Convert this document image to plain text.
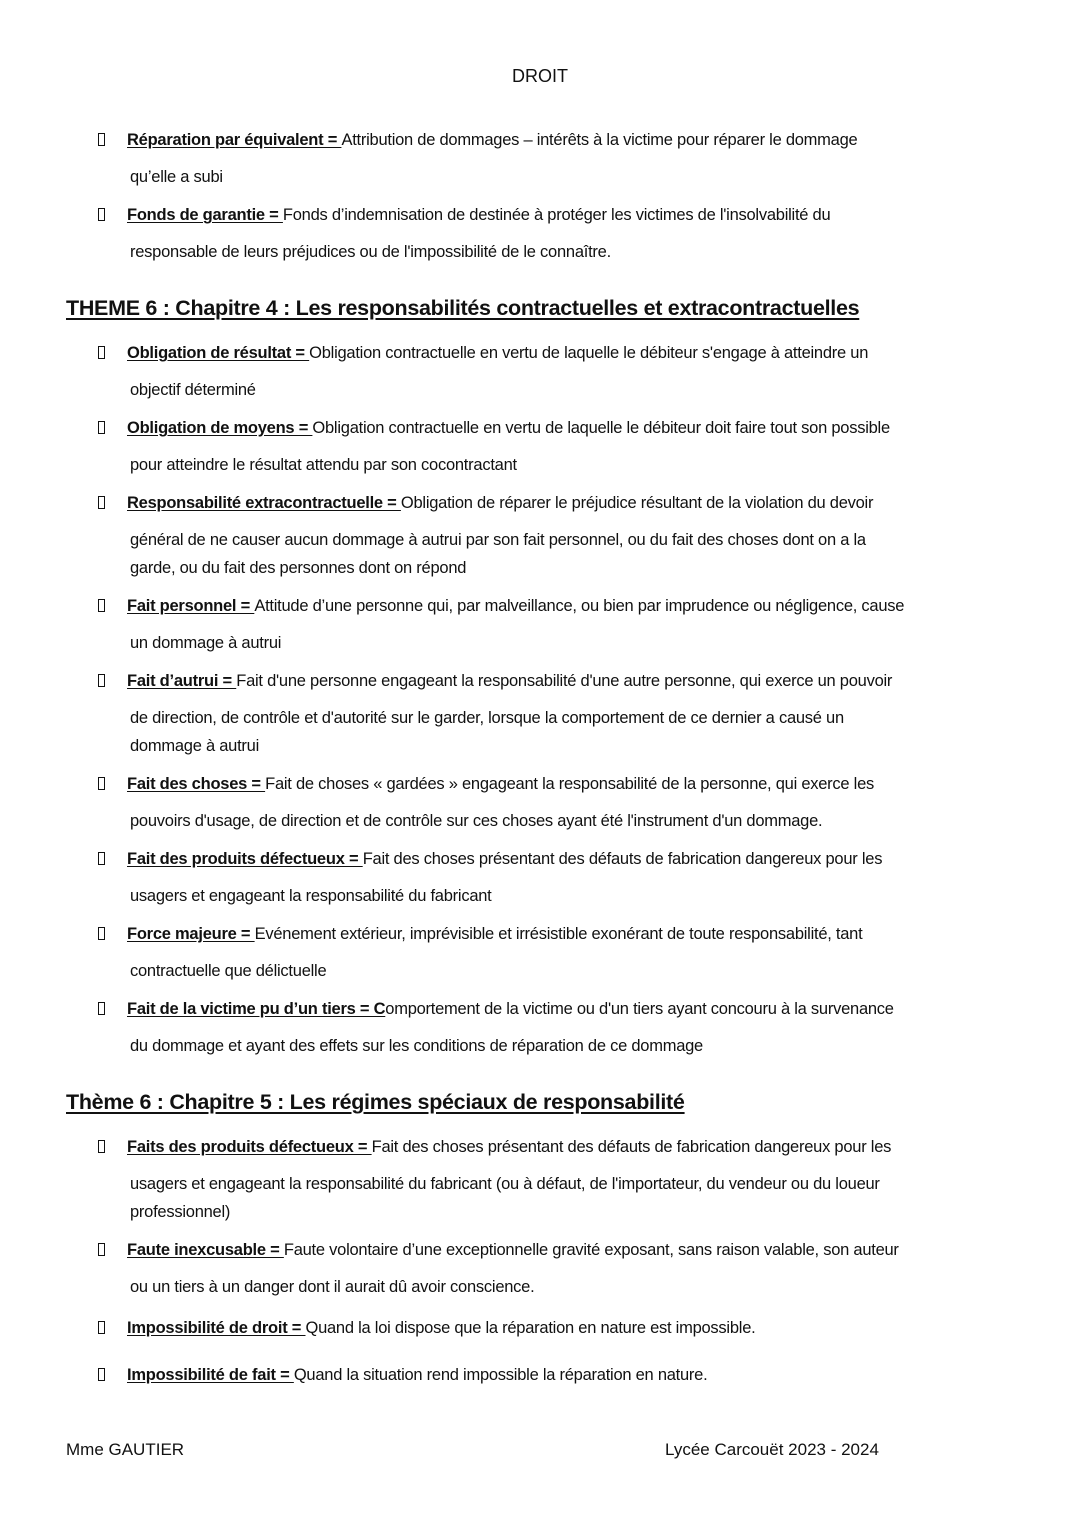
DROIT
Réparation par équivalent = Attribution de dommages – intérêts à la victime pour réparer le dommage
qu’elle a subi
Fonds de garantie = Fonds d’indemnisation de destinée à protéger les victimes de l'insolvabilité du
responsable de leurs préjudices ou de l'impossibilité de le connaître.
THEME 6 : Chapitre 4 : Les responsabilités contractuelles et extracontractuelles
Obligation de résultat = Obligation contractuelle en vertu de laquelle le débiteur s'engage à atteindre un
objectif déterminé
Obligation de moyens = Obligation contractuelle en vertu de laquelle le débiteur doit faire tout son possible
pour atteindre le résultat attendu par son cocontractant
Responsabilité extracontractuelle = Obligation de réparer le préjudice résultant de la violation du devoir
général de ne causer aucun dommage à autrui par son fait personnel, ou du fait des choses dont on a la
garde, ou du fait des personnes dont on répond
Fait personnel = Attitude d’une personne qui, par malveillance, ou bien par imprudence ou négligence, cause
un dommage à autrui
Fait d’autrui = Fait d'une personne engageant la responsabilité d'une autre personne, qui exerce un pouvoir
de direction, de contrôle et d'autorité sur le garder, lorsque la comportement de ce dernier a causé un
dommage à autrui
Fait des choses = Fait de choses « gardées » engageant la responsabilité de la personne, qui exerce les
pouvoirs d'usage, de direction et de contrôle sur ces choses ayant été l'instrument d'un dommage.
Fait des produits défectueux = Fait des choses présentant des défauts de fabrication dangereux pour les
usagers et engageant la responsabilité du fabricant
Force majeure = Evénement extérieur, imprévisible et irrésistible exonérant de toute responsabilité, tant
contractuelle que délictuelle
Fait de la victime pu d’un tiers = Comportement de la victime ou d'un tiers ayant concouru à la survenance
du dommage et ayant des effets sur les conditions de réparation de ce dommage
Thème 6 : Chapitre 5 : Les régimes spéciaux de responsabilité
Faits des produits défectueux = Fait des choses présentant des défauts de fabrication dangereux pour les
usagers et engageant la responsabilité du fabricant (ou à défaut, de l'importateur, du vendeur ou du loueur
professionnel)
Faute inexcusable = Faute volontaire d’une exceptionnelle gravité exposant, sans raison valable, son auteur
ou un tiers à un danger dont il aurait dû avoir conscience.
Impossibilité de droit = Quand la loi dispose que la réparation en nature est impossible.
Impossibilité de fait = Quand la situation rend impossible la réparation en nature.
Mme GAUTIER	Lycée Carcouët 2023 - 2024
